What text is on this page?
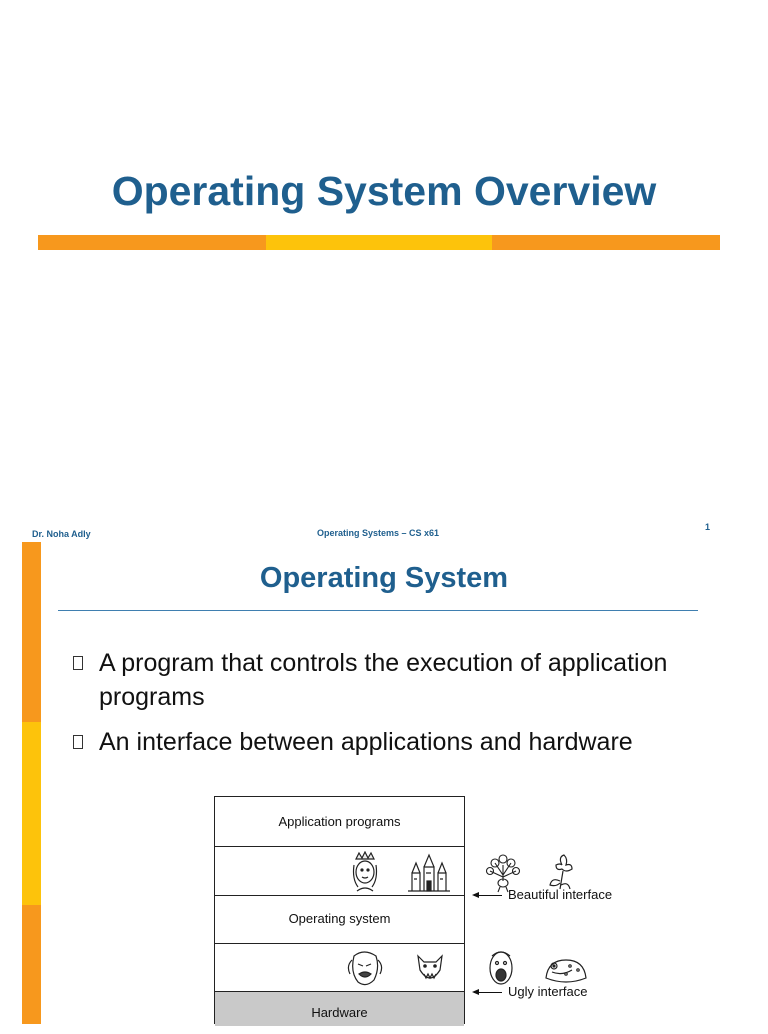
Operating System Overview
Dr. Noha Adly	Operating Systems – CS x61
1
Operating System
A program that controls the execution of application programs
An interface between applications and hardware
Application programs
Operating system
Hardware
Beautiful interface
Ugly interface
